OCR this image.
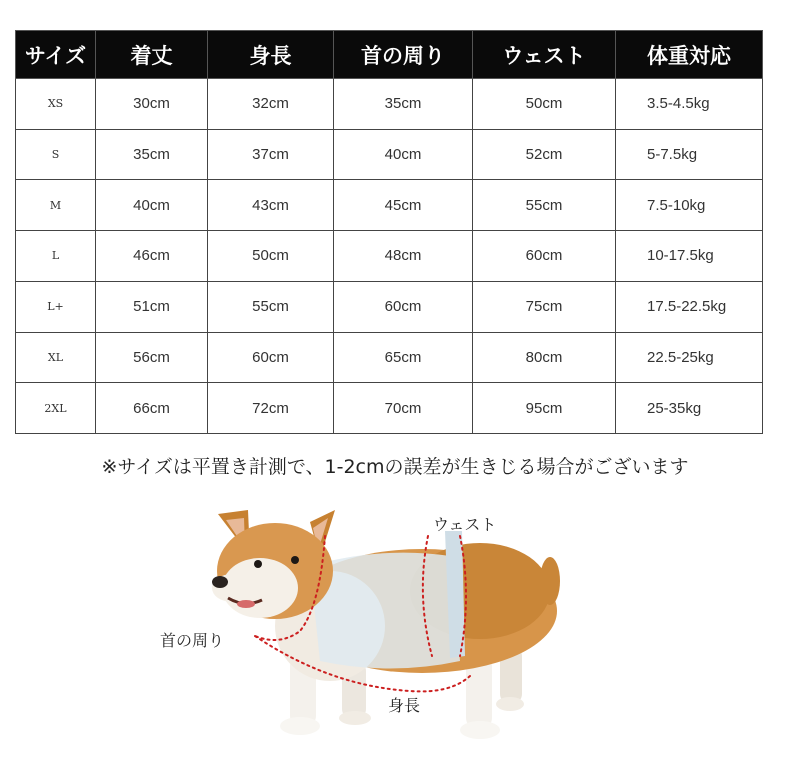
サイズ	着丈	身長	首の周り	ウェスト	体重対応
XS	30cm	32cm	35cm	50cm	3.5-4.5kg
S	35cm	37cm	40cm	52cm	5-7.5kg
M	40cm	43cm	45cm	55cm	7.5-10kg
L	46cm	50cm	48cm	60cm	10-17.5kg
L+	51cm	55cm	60cm	75cm	17.5-22.5kg
XL	56cm	60cm	65cm	80cm	22.5-25kg
2XL	66cm	72cm	70cm	95cm	25-35kg
※サイズは平置き計測で、1-2cmの誤差が生きじる場合がございます
ウェスト
首の周り
身長
